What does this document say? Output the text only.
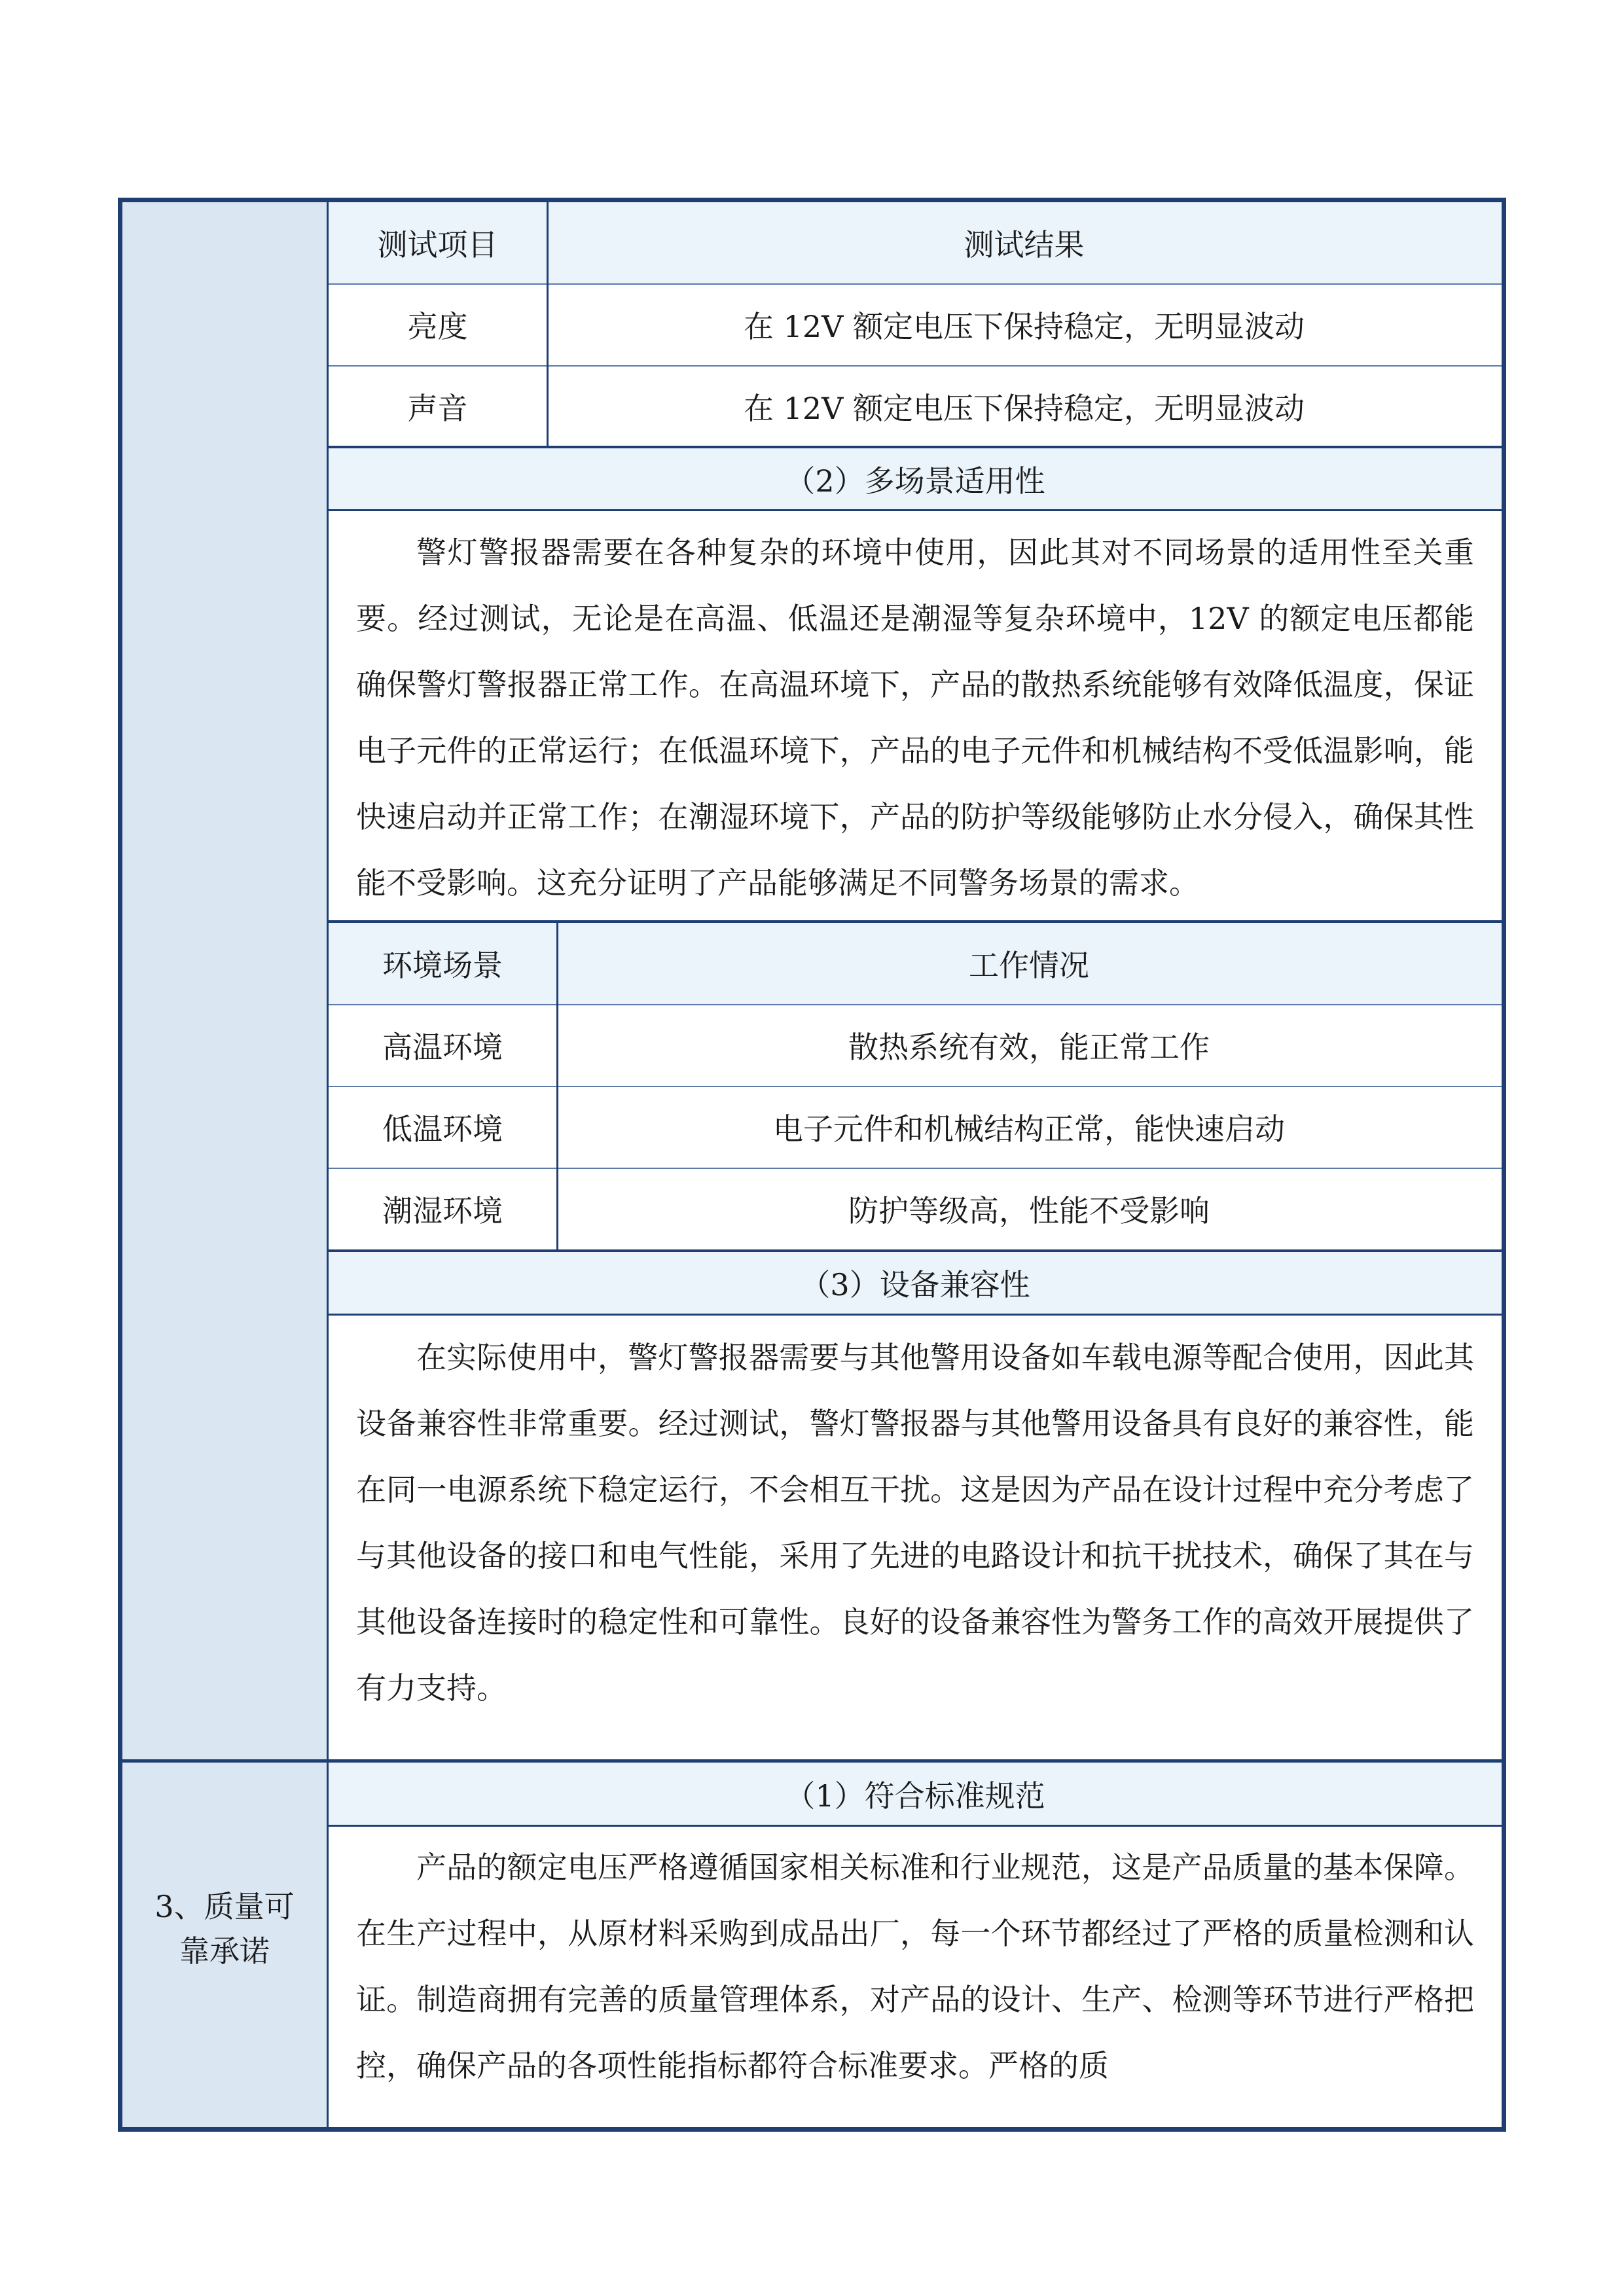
3、质量可
靠承诺
测试项目	测试结果
亮度	在 12V 额定电压下保持稳定，无明显波动
声音	在 12V 额定电压下保持稳定，无明显波动
（2）多场景适用性
警灯警报器需要在各种复杂的环境中使用，因此其对不同场景的适用性至关重要。经过测试，无论是在高温、低温还是潮湿等复杂环境中，12V 的额定电压都能确保警灯警报器正常工作。在高温环境下，产品的散热系统能够有效降低温度，保证电子元件的正常运行；在低温环境下，产品的电子元件和机械结构不受低温影响，能快速启动并正常工作；在潮湿环境下，产品的防护等级能够防止水分侵入，确保其性能不受影响。这充分证明了产品能够满足不同警务场景的需求。
环境场景	工作情况
高温环境	散热系统有效，能正常工作
低温环境	电子元件和机械结构正常，能快速启动
潮湿环境	防护等级高，性能不受影响
（3）设备兼容性
在实际使用中，警灯警报器需要与其他警用设备如车载电源等配合使用，因此其设备兼容性非常重要。经过测试，警灯警报器与其他警用设备具有良好的兼容性，能在同一电源系统下稳定运行，不会相互干扰。这是因为产品在设计过程中充分考虑了与其他设备的接口和电气性能，采用了先进的电路设计和抗干扰技术，确保了其在与其他设备连接时的稳定性和可靠性。良好的设备兼容性为警务工作的高效开展提供了有力支持。
（1）符合标准规范
产品的额定电压严格遵循国家相关标准和行业规范，这是产品质量的基本保障。在生产过程中，从原材料采购到成品出厂，每一个环节都经过了严格的质量检测和认证。制造商拥有完善的质量管理体系，对产品的设计、生产、检测等环节进行严格把控，确保产品的各项性能指标都符合标准要求。严格的质
